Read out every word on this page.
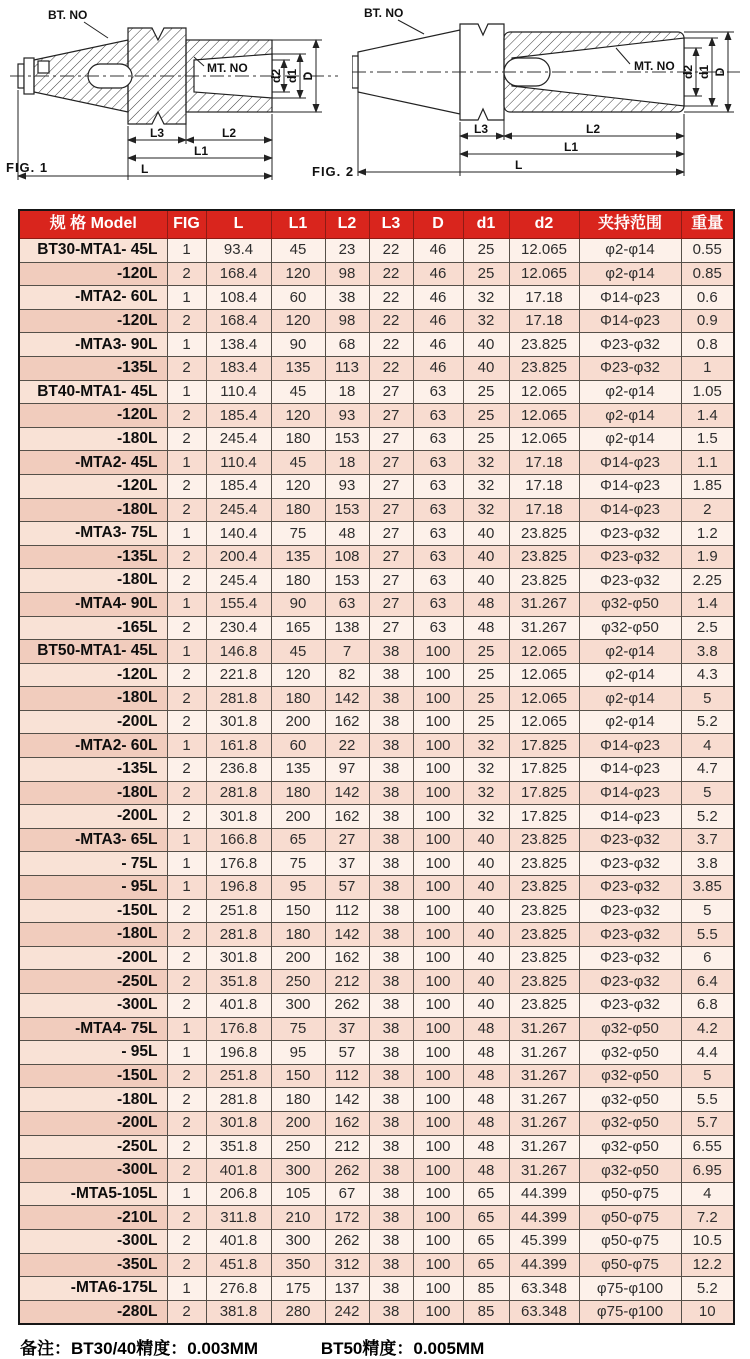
BT. NO
MT. NO
d2 d1 D
L3	L2
L1
L
BT. NO
MT. NO d2 d1 D
L3	L2
L1
L
FIG. 1	FIG. 2
规 格 Model	FIG	L	L1	L2	L3	D	d1	d2	夹持范围	重量
BT30-MTA1- 45L	1	93.4	45	23	22	46	25	12.065	φ2-φ14	0.55
-120L	2	168.4	120	98	22	46	25	12.065	φ2-φ14	0.85
-MTA2- 60L	1	108.4	60	38	22	46	32	17.18	Φ14-φ23	0.6
-120L	2	168.4	120	98	22	46	32	17.18	Φ14-φ23	0.9
-MTA3- 90L	1	138.4	90	68	22	46	40	23.825	Φ23-φ32	0.8
-135L	2	183.4	135	113	22	46	40	23.825	Φ23-φ32	1
BT40-MTA1- 45L	1	110.4	45	18	27	63	25	12.065	φ2-φ14	1.05
-120L	2	185.4	120	93	27	63	25	12.065	φ2-φ14	1.4
-180L	2	245.4	180	153	27	63	25	12.065	φ2-φ14	1.5
-MTA2- 45L	1	110.4	45	18	27	63	32	17.18	Φ14-φ23	1.1
-120L	2	185.4	120	93	27	63	32	17.18	Φ14-φ23	1.85
-180L	2	245.4	180	153	27	63	32	17.18	Φ14-φ23	2
-MTA3- 75L	1	140.4	75	48	27	63	40	23.825	Φ23-φ32	1.2
-135L	2	200.4	135	108	27	63	40	23.825	Φ23-φ32	1.9
-180L	2	245.4	180	153	27	63	40	23.825	Φ23-φ32	2.25
-MTA4- 90L	1	155.4	90	63	27	63	48	31.267	φ32-φ50	1.4
-165L	2	230.4	165	138	27	63	48	31.267	φ32-φ50	2.5
BT50-MTA1- 45L	1	146.8	45	7	38	100	25	12.065	φ2-φ14	3.8
-120L	2	221.8	120	82	38	100	25	12.065	φ2-φ14	4.3
-180L	2	281.8	180	142	38	100	25	12.065	φ2-φ14	5
-200L	2	301.8	200	162	38	100	25	12.065	φ2-φ14	5.2
-MTA2- 60L	1	161.8	60	22	38	100	32	17.825	Φ14-φ23	4
-135L	2	236.8	135	97	38	100	32	17.825	Φ14-φ23	4.7
-180L	2	281.8	180	142	38	100	32	17.825	Φ14-φ23	5
-200L	2	301.8	200	162	38	100	32	17.825	Φ14-φ23	5.2
-MTA3- 65L	1	166.8	65	27	38	100	40	23.825	Φ23-φ32	3.7
- 75L	1	176.8	75	37	38	100	40	23.825	Φ23-φ32	3.8
- 95L	1	196.8	95	57	38	100	40	23.825	Φ23-φ32	3.85
-150L	2	251.8	150	112	38	100	40	23.825	Φ23-φ32	5
-180L	2	281.8	180	142	38	100	40	23.825	Φ23-φ32	5.5
-200L	2	301.8	200	162	38	100	40	23.825	Φ23-φ32	6
-250L	2	351.8	250	212	38	100	40	23.825	Φ23-φ32	6.4
-300L	2	401.8	300	262	38	100	40	23.825	Φ23-φ32	6.8
-MTA4- 75L	1	176.8	75	37	38	100	48	31.267	φ32-φ50	4.2
- 95L	1	196.8	95	57	38	100	48	31.267	φ32-φ50	4.4
-150L	2	251.8	150	112	38	100	48	31.267	φ32-φ50	5
-180L	2	281.8	180	142	38	100	48	31.267	φ32-φ50	5.5
-200L	2	301.8	200	162	38	100	48	31.267	φ32-φ50	5.7
-250L	2	351.8	250	212	38	100	48	31.267	φ32-φ50	6.55
-300L	2	401.8	300	262	38	100	48	31.267	φ32-φ50	6.95
-MTA5-105L	1	206.8	105	67	38	100	65	44.399	φ50-φ75	4
-210L	2	311.8	210	172	38	100	65	44.399	φ50-φ75	7.2
-300L	2	401.8	300	262	38	100	65	45.399	φ50-φ75	10.5
-350L	2	451.8	350	312	38	100	65	44.399	φ50-φ75	12.2
-MTA6-175L	1	276.8	175	137	38	100	85	63.348	φ75-φ100	5.2
-280L	2	381.8	280	242	38	100	85	63.348	φ75-φ100	10
备注：BT30/40精度：0.003MM	BT50精度：0.005MM
